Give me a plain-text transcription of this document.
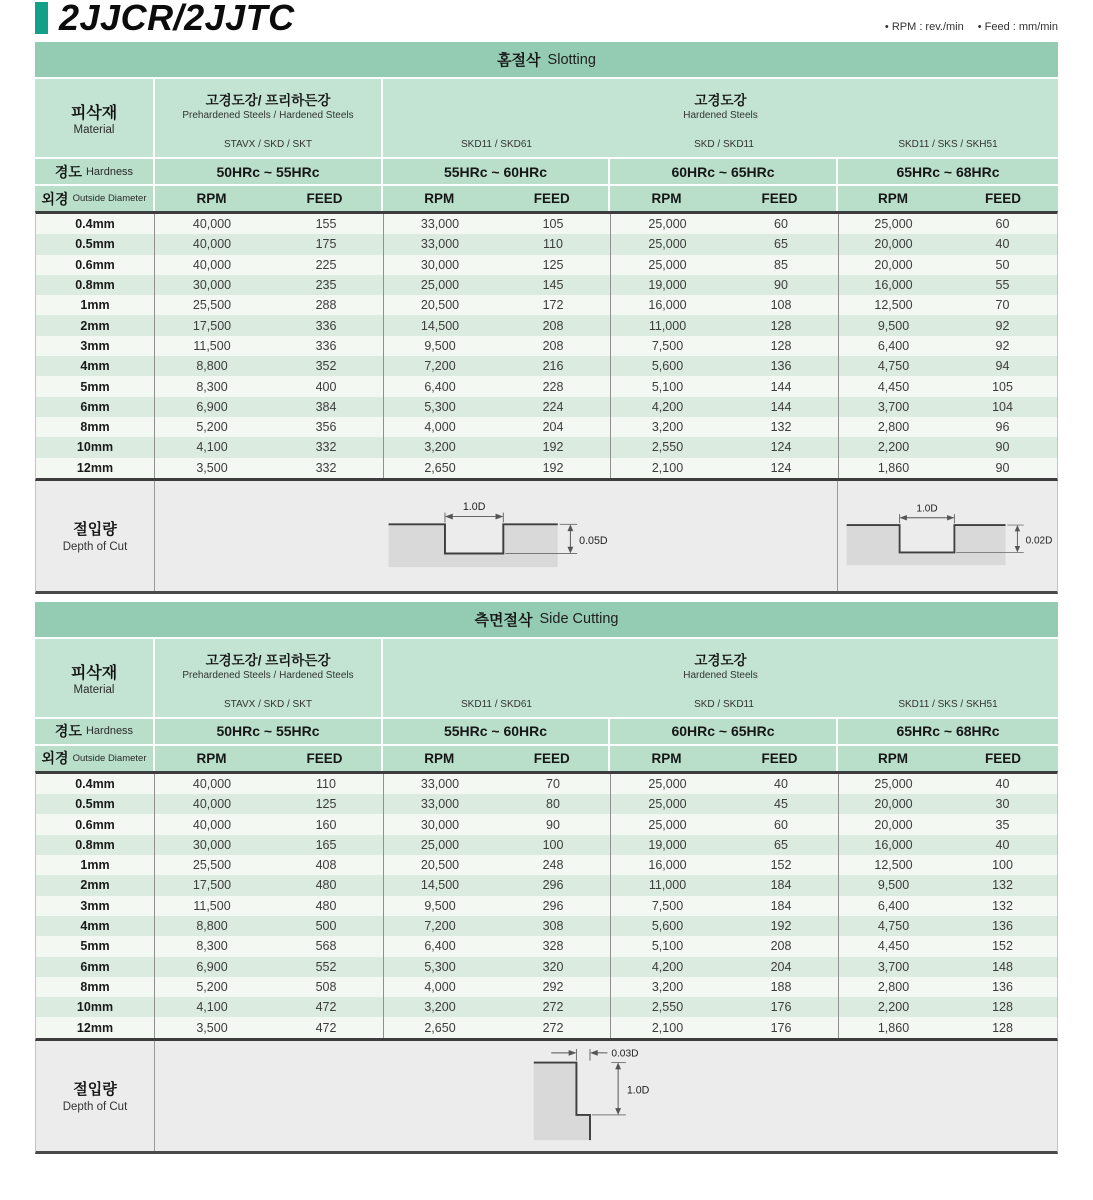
2JJCR/2JJTC	• RPM : rev./min • Feed : mm/min
홈절삭 Slotting
피삭재
Material
고경도강/ 프리하든강
Prehardened Steels / Hardened Steels
STAVX / SKD / SKT
고경도강
Hardened Steels
SKD11 / SKD61	SKD / SKD11	SKD11 / SKS / SKH51
경도 Hardness	50HRc ~ 55HRc	55HRc ~ 60HRc	60HRc ~ 65HRc	65HRc ~ 68HRc
외경 Outside Diameter	RPM	FEED	RPM	FEED	RPM	FEED	RPM	FEED
0.4mm	40,000	155	33,000	105	25,000	60	25,000	60
0.5mm	40,000	175	33,000	110	25,000	65	20,000	40
0.6mm	40,000	225	30,000	125	25,000	85	20,000	50
0.8mm	30,000	235	25,000	145	19,000	90	16,000	55
1mm	25,500	288	20,500	172	16,000	108	12,500	70
2mm	17,500	336	14,500	208	11,000	128	9,500	92
3mm	11,500	336	9,500	208	7,500	128	6,400	92
4mm	8,800	352	7,200	216	5,600	136	4,750	94
5mm	8,300	400	6,400	228	5,100	144	4,450	105
6mm	6,900	384	5,300	224	4,200	144	3,700	104
8mm	5,200	356	4,000	204	3,200	132	2,800	96
10mm	4,100	332	3,200	192	2,550	124	2,200	90
12mm	3,500	332	2,650	192	2,100	124	1,860	90
절입량
Depth of Cut
1.0D
0.05D
1.0D
0.02D
측면절삭 Side Cutting
피삭재
Material
고경도강/ 프리하든강
Prehardened Steels / Hardened Steels
STAVX / SKD / SKT
고경도강
Hardened Steels
SKD11 / SKD61	SKD / SKD11	SKD11 / SKS / SKH51
경도 Hardness	50HRc ~ 55HRc	55HRc ~ 60HRc	60HRc ~ 65HRc	65HRc ~ 68HRc
외경 Outside Diameter	RPM	FEED	RPM	FEED	RPM	FEED	RPM	FEED
0.4mm	40,000	110	33,000	70	25,000	40	25,000	40
0.5mm	40,000	125	33,000	80	25,000	45	20,000	30
0.6mm	40,000	160	30,000	90	25,000	60	20,000	35
0.8mm	30,000	165	25,000	100	19,000	65	16,000	40
1mm	25,500	408	20,500	248	16,000	152	12,500	100
2mm	17,500	480	14,500	296	11,000	184	9,500	132
3mm	11,500	480	9,500	296	7,500	184	6,400	132
4mm	8,800	500	7,200	308	5,600	192	4,750	136
5mm	8,300	568	6,400	328	5,100	208	4,450	152
6mm	6,900	552	5,300	320	4,200	204	3,700	148
8mm	5,200	508	4,000	292	3,200	188	2,800	136
10mm	4,100	472	3,200	272	2,550	176	2,200	128
12mm	3,500	472	2,650	272	2,100	176	1,860	128
절입량
Depth of Cut
0.03D
1.0D
